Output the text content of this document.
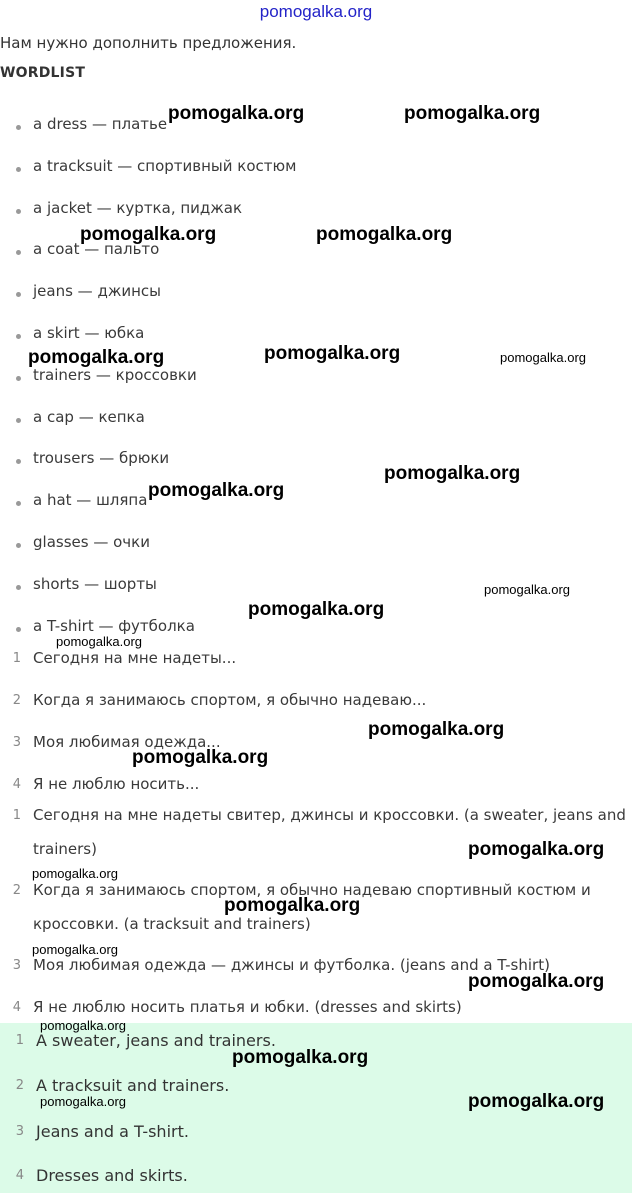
pomogalka.org
Нам нужно дополнить предложения.
WORDLIST
a dress — платье
a tracksuit — спортивный костюм
a jacket — куртка, пиджак
a coat — пальто
jeans — джинсы
a skirt — юбка
trainers — кроссовки
a cap — кепка
trousers — брюки
a hat — шляпа
glasses — очки
shorts — шорты
a T-shirt — футболка
1 Сегодня на мне надеты...
2 Когда я занимаюсь спортом, я обычно надеваю...
3 Моя любимая одежда...
4 Я не люблю носить...
1 Сегодня на мне надеты свитер, джинсы и кроссовки. (a sweater, jeans and trainers)
2 Когда я занимаюсь спортом, я обычно надеваю спортивный костюм и кроссовки. (a tracksuit and trainers)
3 Моя любимая одежда — джинсы и футболка. (jeans and a T-shirt)
4 Я не люблю носить платья и юбки. (dresses and skirts)
1 A sweater, jeans and trainers.
2 A tracksuit and trainers.
3 Jeans and a T-shirt.
4 Dresses and skirts.
pomogalka.org	pomogalka.org
pomogalka.org	pomogalka.org
pomogalka.org	pomogalka.org	pomogalka.org
pomogalka.org
pomogalka.org
pomogalka.org
pomogalka.org
pomogalka.org
pomogalka.org
pomogalka.org
pomogalka.org
pomogalka.org
pomogalka.org
pomogalka.org
pomogalka.org
pomogalka.org
pomogalka.org
pomogalka.org	pomogalka.org
